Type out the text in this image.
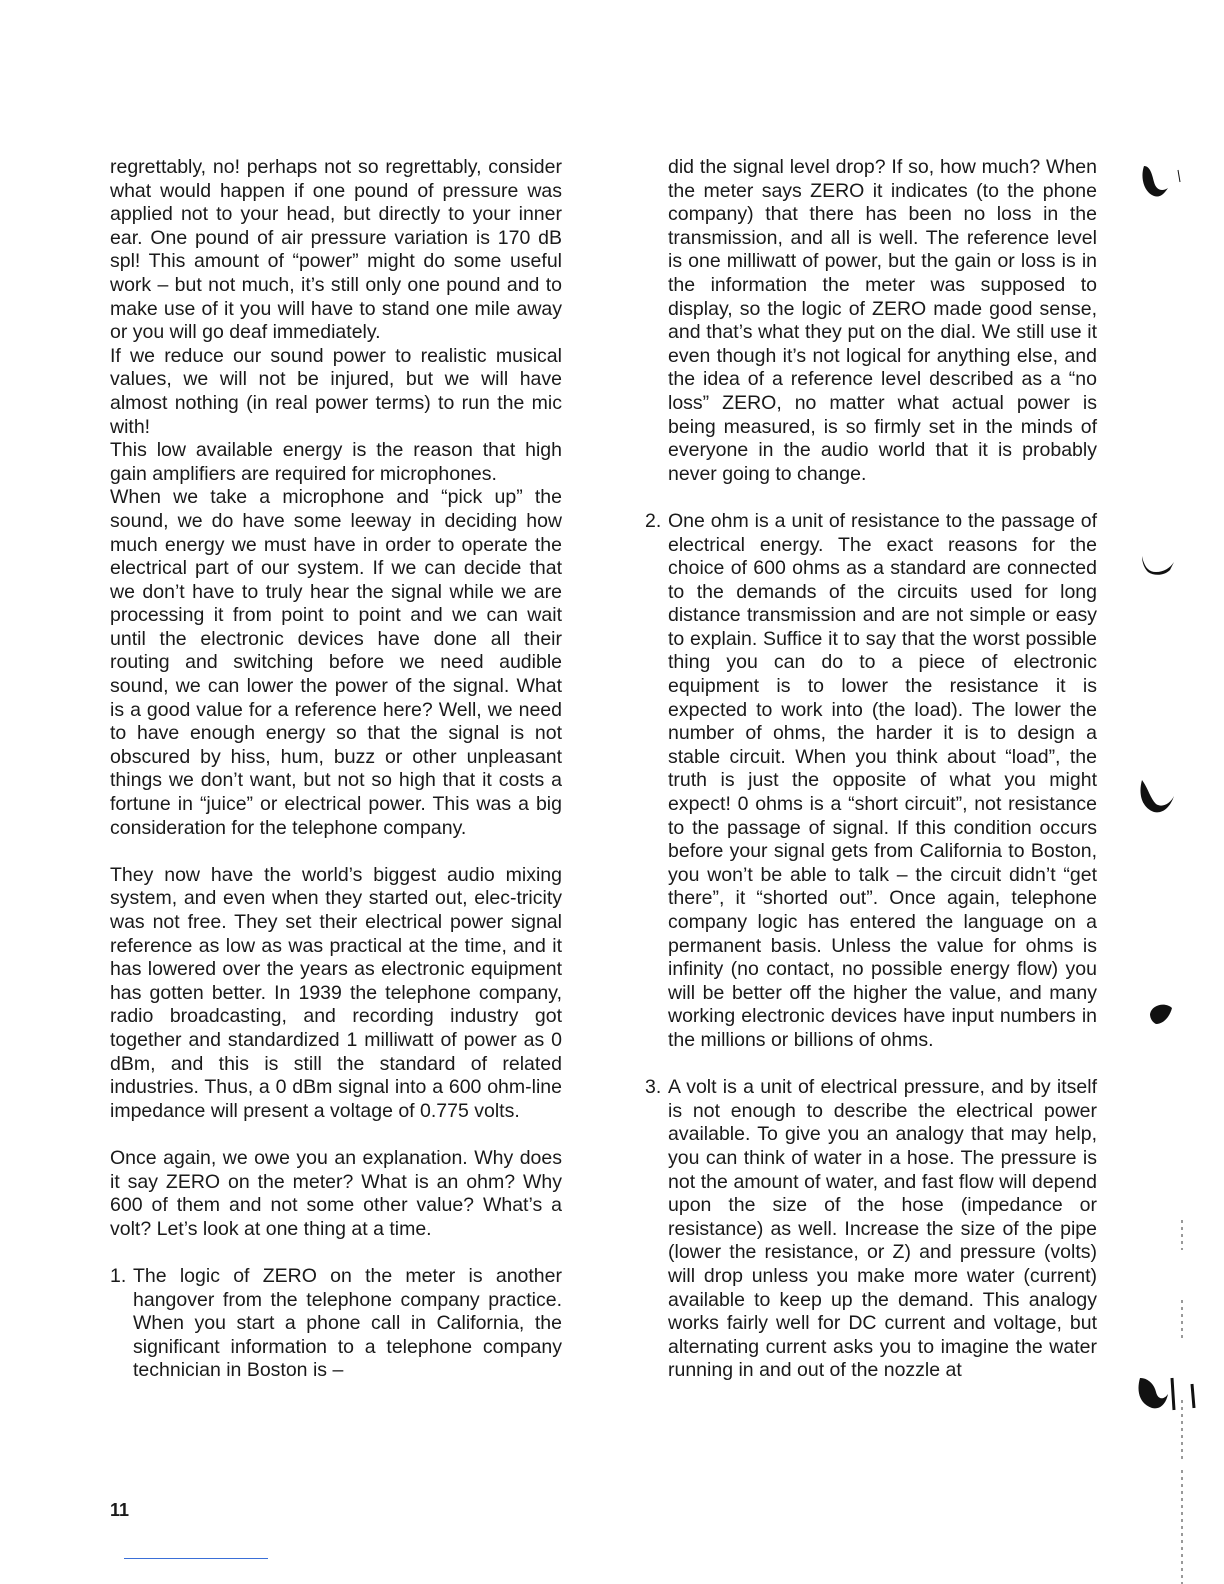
regrettably, no! perhaps not so regrettably, consider what would happen if one pound of pressure was applied not to your head, but directly to your inner ear. One pound of air pressure variation is 170 dB spl! This amount of “power” might do some useful work – but not much, it’s still only one pound and to make use of it you will have to stand one mile away or you will go deaf immediately.

If we reduce our sound power to realistic musical values, we will not be injured, but we will have almost nothing (in real power terms) to run the mic with!

This low available energy is the reason that high gain amplifiers are required for microphones.

When we take a microphone and “pick up” the sound, we do have some leeway in deciding how much energy we must have in order to operate the electrical part of our system. If we can decide that we don’t have to truly hear the signal while we are processing it from point to point and we can wait until the electronic devices have done all their routing and switching before we need audible sound, we can lower the power of the signal. What is a good value for a reference here? Well, we need to have enough energy so that the signal is not obscured by hiss, hum, buzz or other unpleasant things we don’t want, but not so high that it costs a fortune in “juice” or electrical power. This was a big consideration for the telephone company.

They now have the world’s biggest audio mixing system, and even when they started out, elec-tricity was not free. They set their electrical power signal reference as low as was practical at the time, and it has lowered over the years as electronic equipment has gotten better. In 1939 the telephone company, radio broadcasting, and recording industry got together and standardized 1 milliwatt of power as 0 dBm, and this is still the standard of related industries. Thus, a 0 dBm signal into a 600 ohm-line impedance will present a voltage of 0.775 volts.

Once again, we owe you an explanation. Why does it say ZERO on the meter? What is an ohm? Why 600 of them and not some other value? What’s a volt? Let’s look at one thing at a time.

1. The logic of ZERO on the meter is another hangover from the telephone company practice. When you start a phone call in California, the significant information to a telephone company technician in Boston is –

did the signal level drop? If so, how much? When the meter says ZERO it indicates (to the phone company) that there has been no loss in the transmission, and all is well. The reference level is one milliwatt of power, but the gain or loss is in the information the meter was supposed to display, so the logic of ZERO made good sense, and that’s what they put on the dial. We still use it even though it’s not logical for anything else, and the idea of a reference level described as a “no loss” ZERO, no matter what actual power is being measured, is so firmly set in the minds of everyone in the audio world that it is probably never going to change.

2. One ohm is a unit of resistance to the passage of electrical energy. The exact reasons for the choice of 600 ohms as a standard are connected to the demands of the circuits used for long distance transmission and are not simple or easy to explain. Suffice it to say that the worst possible thing you can do to a piece of electronic equipment is to lower the resistance it is expected to work into (the load). The lower the number of ohms, the harder it is to design a stable circuit. When you think about “load”, the truth is just the opposite of what you might expect! 0 ohms is a “short circuit”, not resistance to the passage of signal. If this condition occurs before your signal gets from California to Boston, you won’t be able to talk – the circuit didn’t “get there”, it “shorted out”. Once again, telephone company logic has entered the language on a permanent basis. Unless the value for ohms is infinity (no contact, no possible energy flow) you will be better off the higher the value, and many working electronic devices have input numbers in the millions or billions of ohms.

3. A volt is a unit of electrical pressure, and by itself is not enough to describe the electrical power available. To give you an analogy that may help, you can think of water in a hose. The pressure is not the amount of water, and fast flow will depend upon the size of the hose (impedance or resistance) as well. Increase the size of the pipe (lower the resistance, or Z) and pressure (volts) will drop unless you make more water (current) available to keep up the demand. This analogy works fairly well for DC current and voltage, but alternating current asks you to imagine the water running in and out of the nozzle at

11
